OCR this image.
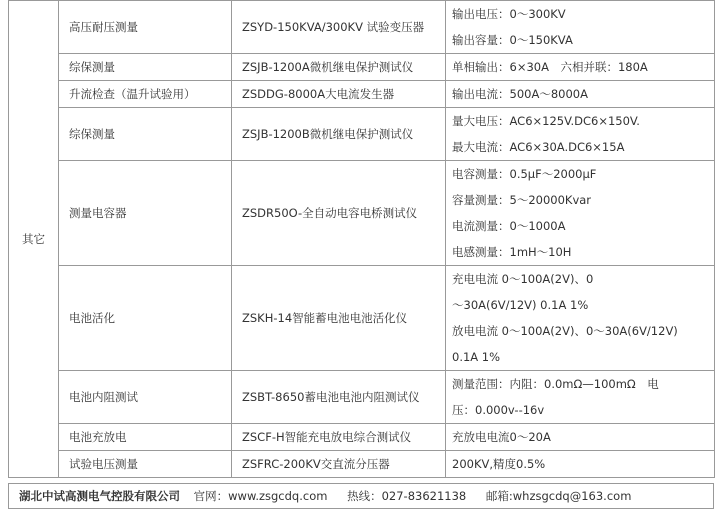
其它	高压耐压测量	ZSYD-150KVA/300KV 试验变压器	输出电压：0～300KV
输出容量：0～150KVA

	综保测量	ZSJB-1200A微机继电保护测试仪	单相输出：6×30A　六相并联：180A

	升流检查（温升试验用）	ZSDDG-8000A大电流发生器	输出电流：500A～8000A

	综保测量	ZSJB-1200B微机继电保护测试仪	量大电压：AC6×125V.DC6×150V.
最大电流：AC6×30A.DC6×15A

	测量电容器	ZSDR50O-全自动电容电桥测试仪	电容测量：0.5μF～2000μF
容量测量：5～20000Kvar
电流测量：0～1000A
电感测量：1mH～10H

	电池活化	ZSKH-14智能蓄电池电池活化仪	充电电流 0～100A(2V)、0
～30A(6V/12V) 0.1A 1%
放电电流 0～100A(2V)、0～30A(6V/12V)
0.1A 1%

	电池内阻测试	ZSBT-8650蓄电池电池内阻测试仪	测量范围：内阻：0.0mΩ—100mΩ　电
压：0.000v--16v

	电池充放电	ZSCF-H智能充电放电综合测试仪	充放电电流0～20A

	试验电压测量	ZSFRC-200KV交直流分压器	200KV,精度0.5%
湖北中试高测电气控股有限公司 官网：www.zsgcdq.com 热线：027-83621138 邮箱:whzsgcdq@163.com
